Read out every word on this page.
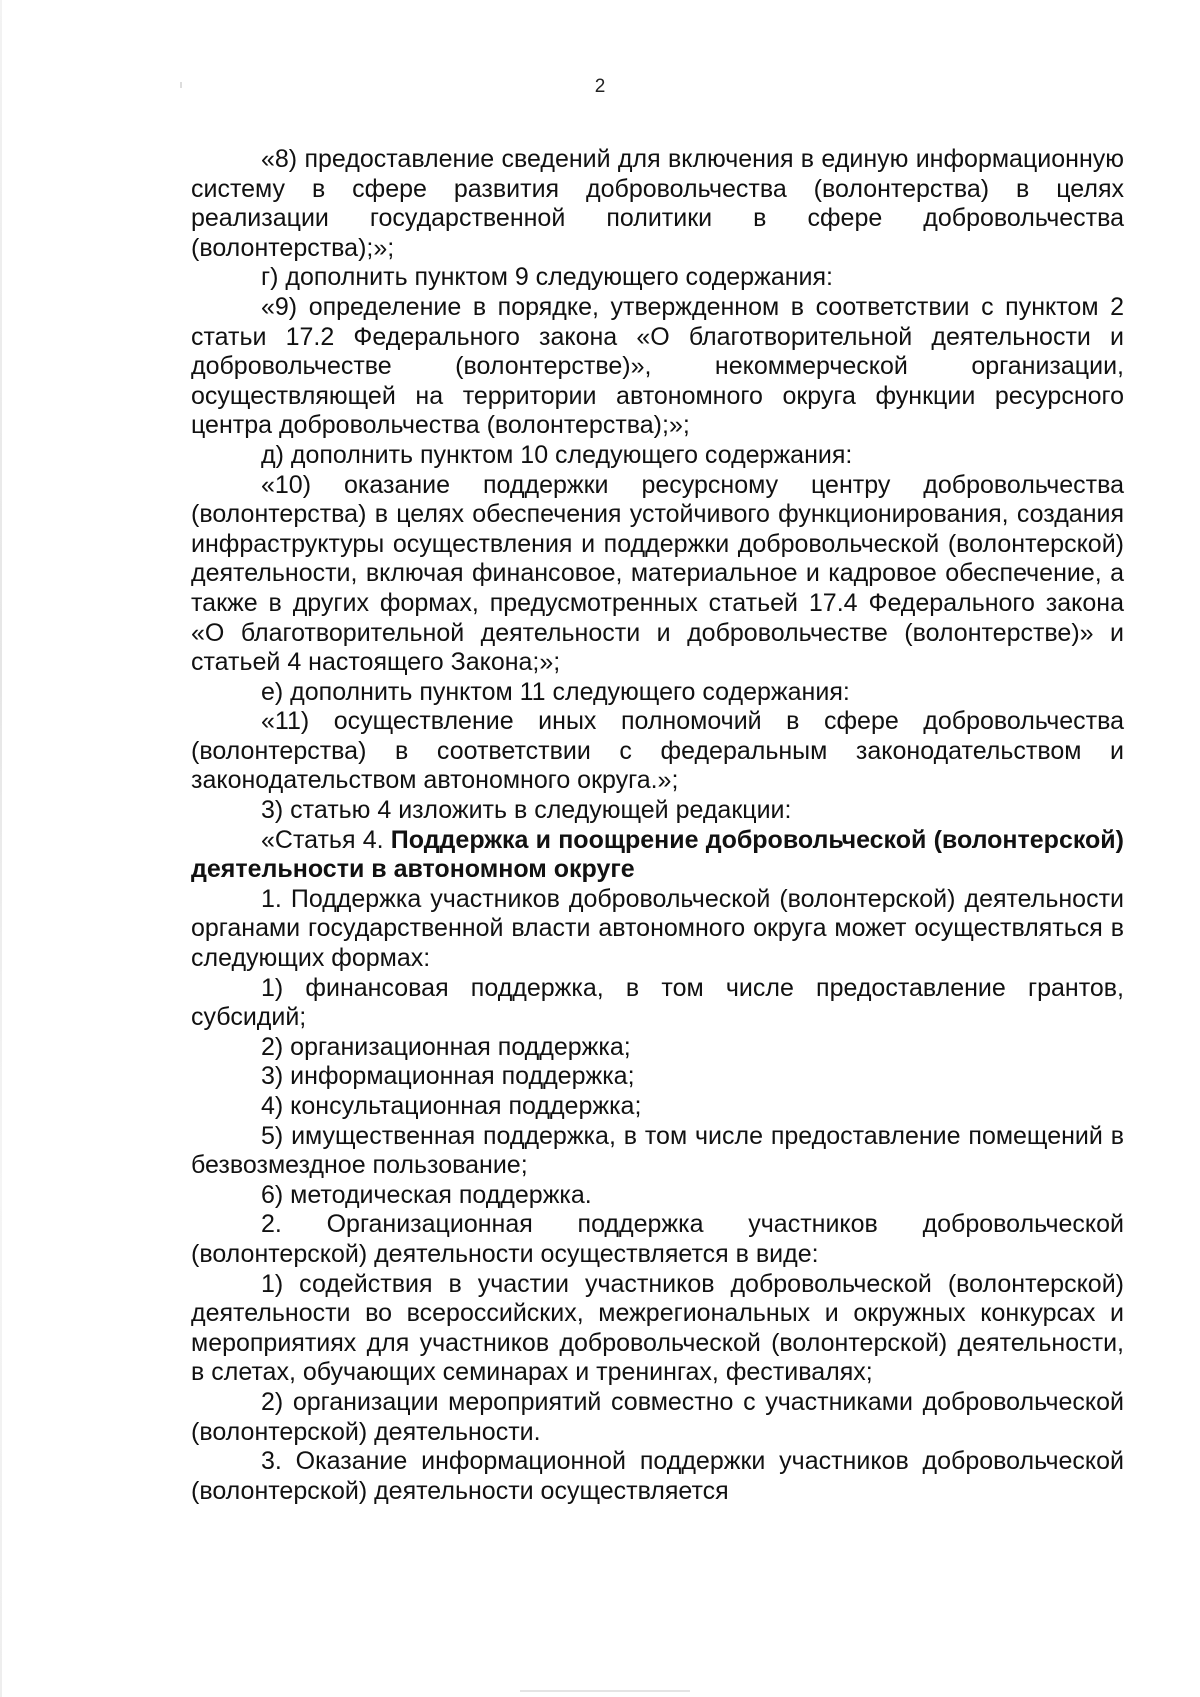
2

«8) предоставление сведений для включения в единую информационную систему в сфере развития добровольчества (волонтерства) в целях реализации государственной политики в сфере добровольчества (волонтерства);»;

г) дополнить пунктом 9 следующего содержания:

«9) определение в порядке, утвержденном в соответствии с пунктом 2 статьи 17.2 Федерального закона «О благотворительной деятельности и добровольчестве (волонтерстве)», некоммерческой организации, осуществляющей на территории автономного округа функции ресурсного центра добровольчества (волонтерства);»;

д) дополнить пунктом 10 следующего содержания:

«10) оказание поддержки ресурсному центру добровольчества (волонтерства) в целях обеспечения устойчивого функционирования, создания инфраструктуры осуществления и поддержки добровольческой (волонтерской) деятельности, включая финансовое, материальное и кадровое обеспечение, а также в других формах, предусмотренных статьей 17.4 Федерального закона «О благотворительной деятельности и добровольчестве (волонтерстве)» и статьей 4 настоящего Закона;»;

е) дополнить пунктом 11 следующего содержания:

«11) осуществление иных полномочий в сфере добровольчества (волонтерства) в соответствии с федеральным законодательством и законодательством автономного округа.»;

3) статью 4 изложить в следующей редакции:

«Статья 4. Поддержка и поощрение добровольческой (волонтерской) деятельности в автономном округе

1. Поддержка участников добровольческой (волонтерской) деятельности органами государственной власти автономного округа может осуществляться в следующих формах:

1) финансовая поддержка, в том числе предоставление грантов, субсидий;

2) организационная поддержка;

3) информационная поддержка;

4) консультационная поддержка;

5) имущественная поддержка, в том числе предоставление помещений в безвозмездное пользование;

6) методическая поддержка.

2. Организационная поддержка участников добровольческой (волонтерской) деятельности осуществляется в виде:

1) содействия в участии участников добровольческой (волонтерской) деятельности во всероссийских, межрегиональных и окружных конкурсах и мероприятиях для участников добровольческой (волонтерской) деятельности, в слетах, обучающих семинарах и тренингах, фестивалях;

2) организации мероприятий совместно с участниками добровольческой (волонтерской) деятельности.

3. Оказание информационной поддержки участников добровольческой (волонтерской) деятельности осуществляется
